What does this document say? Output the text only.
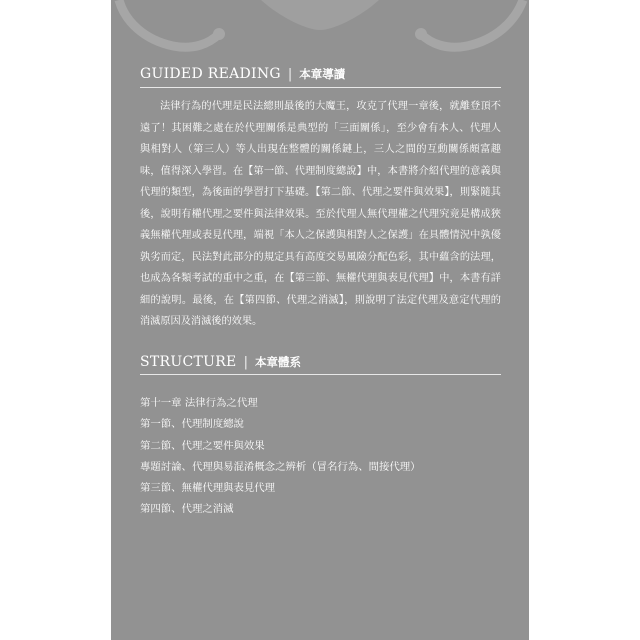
GUIDED READING | 本章導讀

法律行為的代理是民法總則最後的大魔王，攻克了代理一章後，就離登頂不遠了！其困難之處在於代理關係是典型的「三面關係」，至少會有本人、代理人與相對人（第三人）等人出現在整體的關係鏈上，三人之間的互動關係頗富趣味，值得深入學習。在【第一節、代理制度總說】中，本書將介紹代理的意義與代理的類型，為後面的學習打下基礎。【第二節、代理之要件與效果】，則緊隨其後，說明有權代理之要件與法律效果。至於代理人無代理權之代理究竟是構成狹義無權代理或表見代理，端視「本人之保護與相對人之保護」在具體情況中孰優孰劣而定，民法對此部分的規定具有高度交易風險分配色彩，其中蘊含的法理，也成為各類考試的重中之重，在【第三節、無權代理與表見代理】中，本書有詳細的說明。最後，在【第四節、代理之消滅】，則說明了法定代理及意定代理的消滅原因及消滅後的效果。

STRUCTURE | 本章體系
第十一章 法律行為之代理
第一節、代理制度總說
第二節、代理之要件與效果
專題討論、代理與易混淆概念之辨析（冒名行為、間接代理）
第三節、無權代理與表見代理
第四節、代理之消滅
